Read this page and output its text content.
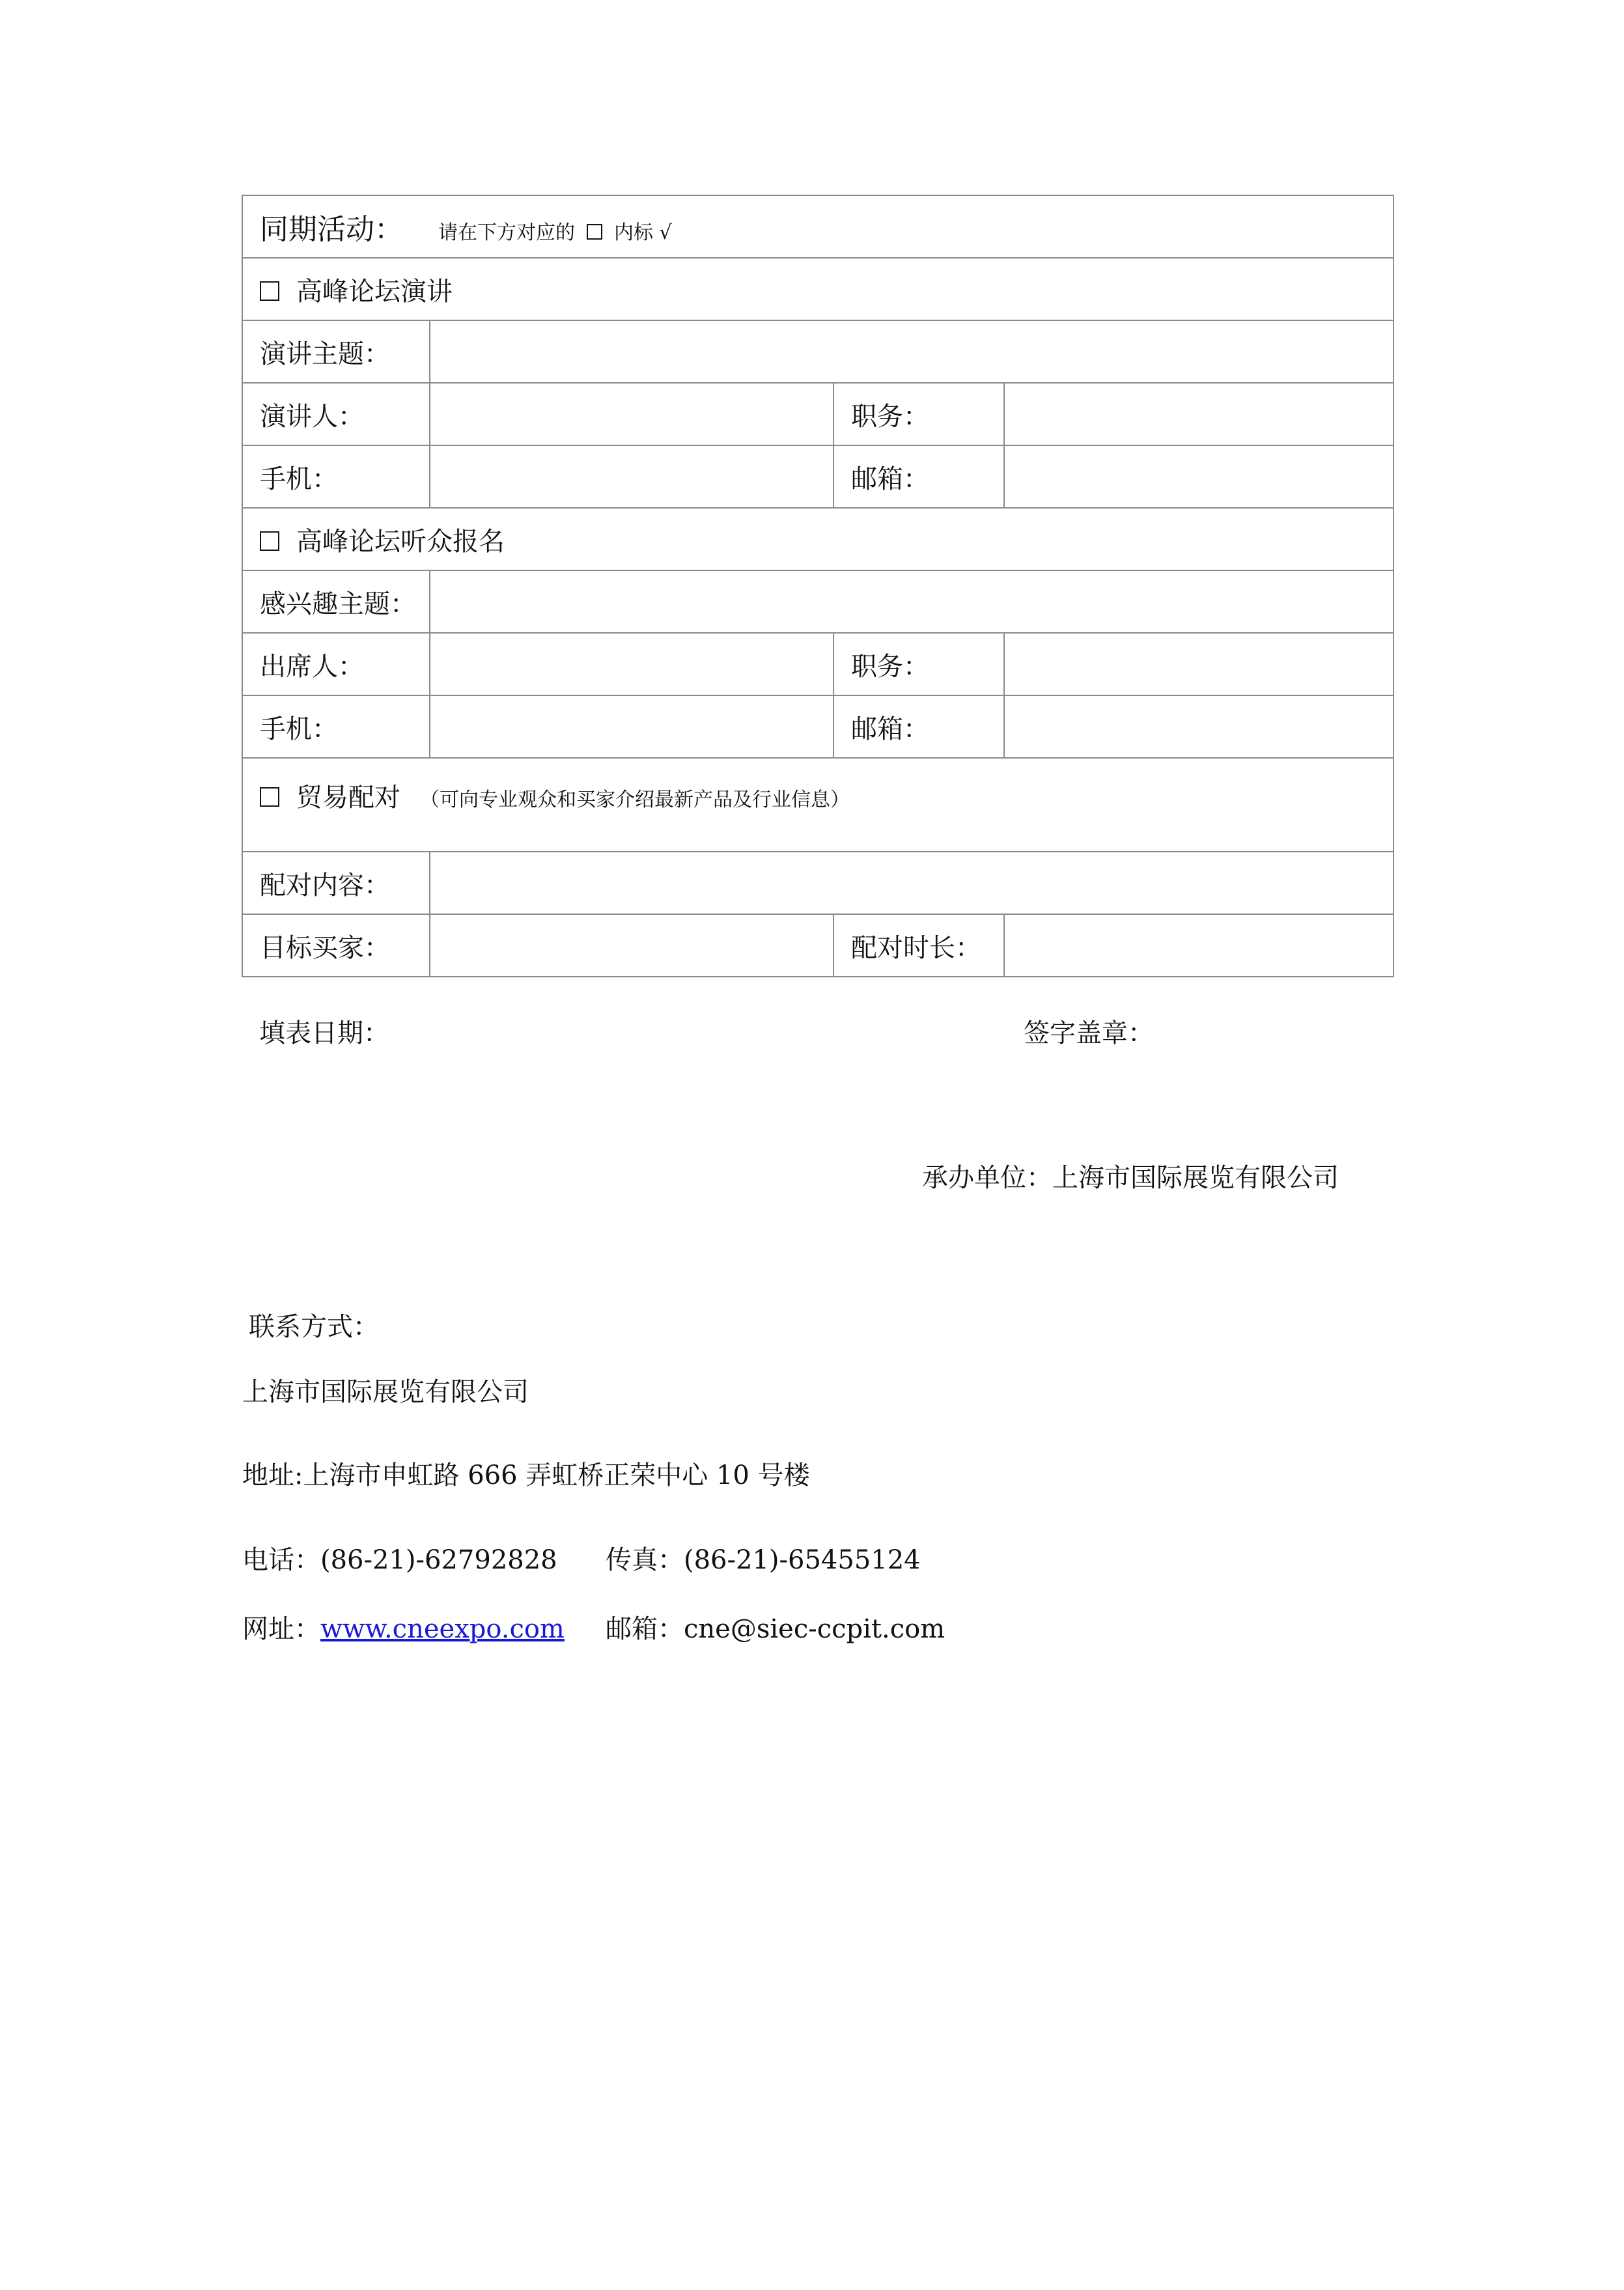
同期活动： 请在下方对应的 内标 √			
高峰论坛演讲			
演讲主题：			
演讲人：		职务：	
手机：		邮箱：	
高峰论坛听众报名			
感兴趣主题：			
出席人：		职务：	
手机：		邮箱：	
贸易配对 （可向专业观众和买家介绍最新产品及行业信息）			
配对内容：			
目标买家：		配对时长：	
填表日期：	签字盖章：
承办单位：上海市国际展览有限公司
联系方式：
上海市国际展览有限公司
地址:上海市申虹路 666 弄虹桥正荣中心 10 号楼
电话：(86-21)-62792828 传真：(86-21)-65455124
网址：www.cneexpo.com 邮箱：cne@siec-ccpit.com
